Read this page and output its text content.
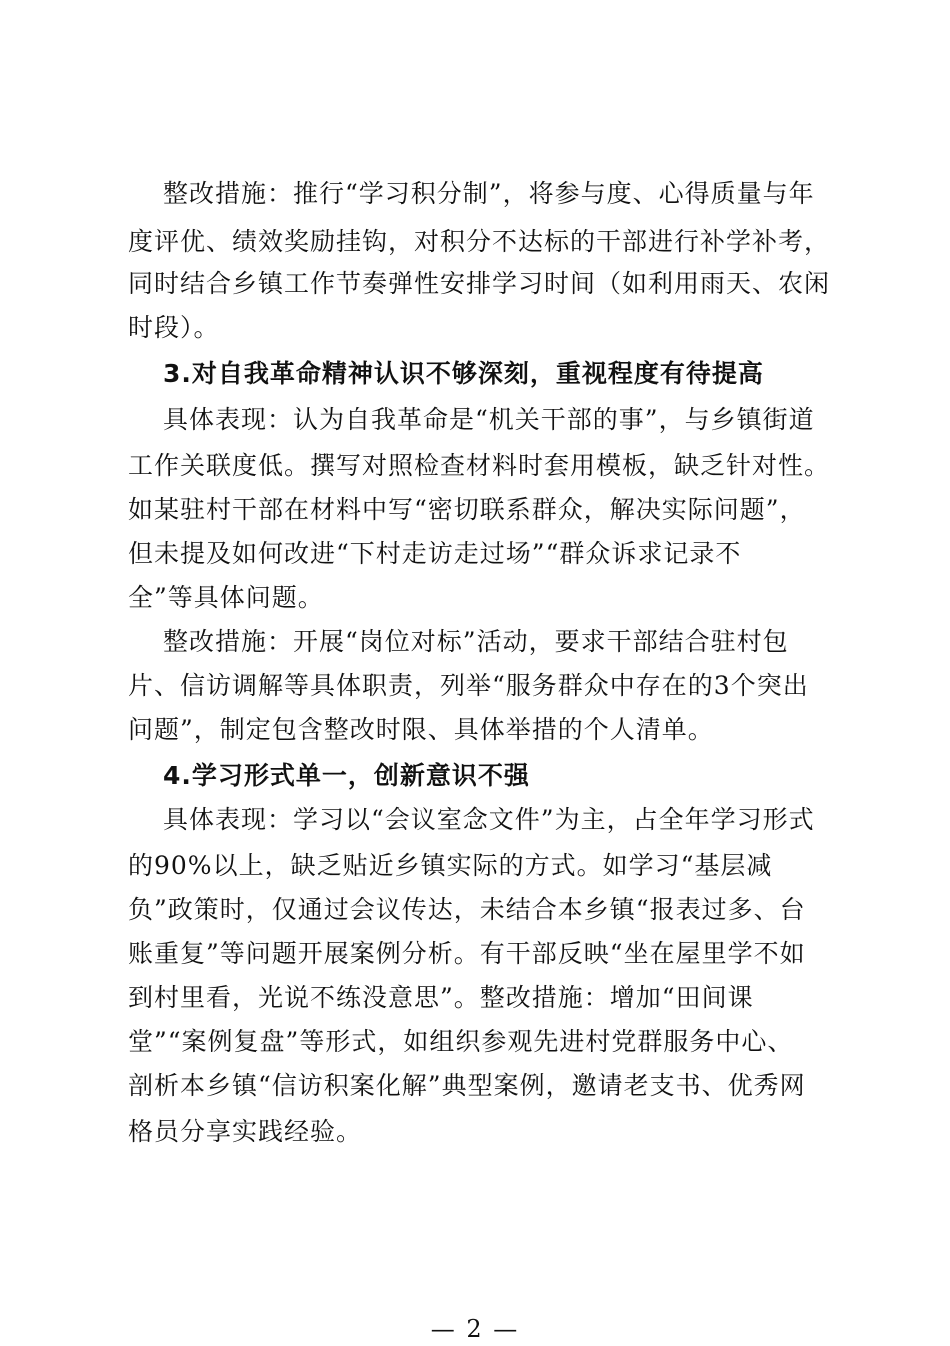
整改措施：推行“学习积分制”，将参与度、心得质量与年

度评优、绩效奖励挂钩，对积分不达标的干部进行补学补考，

同时结合乡镇工作节奏弹性安排学习时间（如利用雨天、农闲

时段）。

3.对自我革命精神认识不够深刻，重视程度有待提高

具体表现：认为自我革命是“机关干部的事”，与乡镇街道

工作关联度低。撰写对照检查材料时套用模板，缺乏针对性。

如某驻村干部在材料中写“密切联系群众，解决实际问题”，

但未提及如何改进“下村走访走过场”“群众诉求记录不

全”等具体问题。

整改措施：开展“岗位对标”活动，要求干部结合驻村包

片、信访调解等具体职责，列举“服务群众中存在的3个突出

问题”，制定包含整改时限、具体举措的个人清单。

4.学习形式单一，创新意识不强

具体表现：学习以“会议室念文件”为主，占全年学习形式

的90%以上，缺乏贴近乡镇实际的方式。如学习“基层减

负”政策时，仅通过会议传达，未结合本乡镇“报表过多、台

账重复”等问题开展案例分析。有干部反映“坐在屋里学不如

到村里看，光说不练没意思”。整改措施：增加“田间课

堂”“案例复盘”等形式，如组织参观先进村党群服务中心、

剖析本乡镇“信访积案化解”典型案例，邀请老支书、优秀网

格员分享实践经验。

— 2 —
